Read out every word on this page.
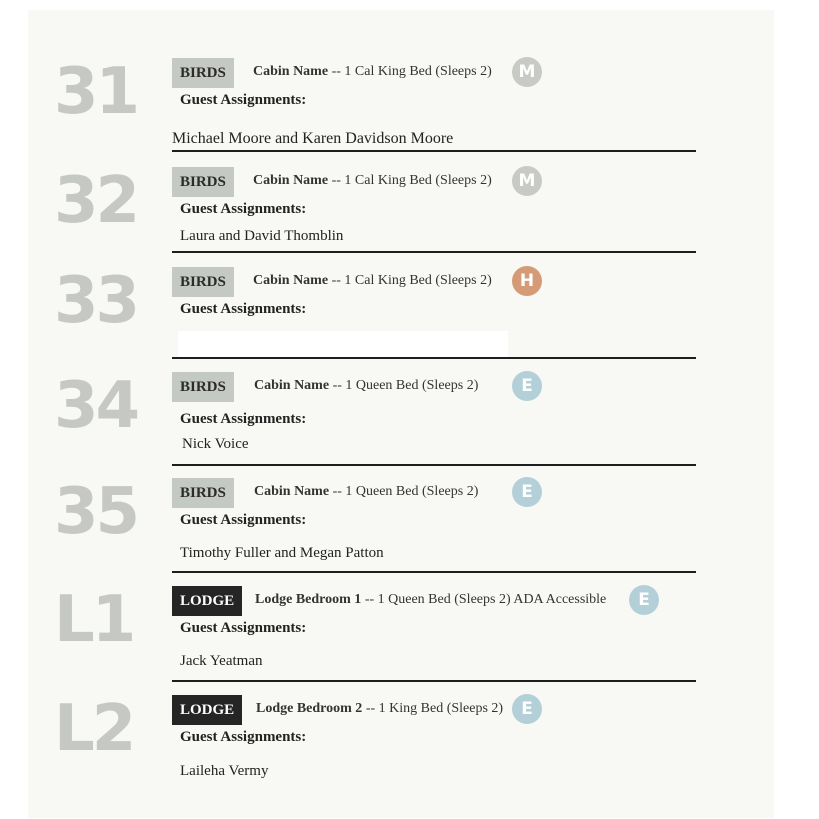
31	BIRDS	Cabin Name -- 1 Cal King Bed (Sleeps 2)	M
Guest Assignments:
Michael Moore and Karen Davidson Moore
32	BIRDS	Cabin Name -- 1 Cal King Bed (Sleeps 2)	M
Guest Assignments:
Laura and David Thomblin
33	BIRDS	Cabin Name -- 1 Cal King Bed (Sleeps 2)	H
Guest Assignments:
34	BIRDS	Cabin Name -- 1 Queen Bed (Sleeps 2)	E
Guest Assignments:
Nick Voice
35	BIRDS	Cabin Name -- 1 Queen Bed (Sleeps 2)	E
Guest Assignments:
Timothy Fuller and Megan Patton
L1	LODGE	Lodge Bedroom 1 -- 1 Queen Bed (Sleeps 2) ADA Accessible	E
Guest Assignments:
Jack Yeatman
L2	LODGE	Lodge Bedroom 2 -- 1 King Bed (Sleeps 2)	E
Guest Assignments:
Laileha Vermy
